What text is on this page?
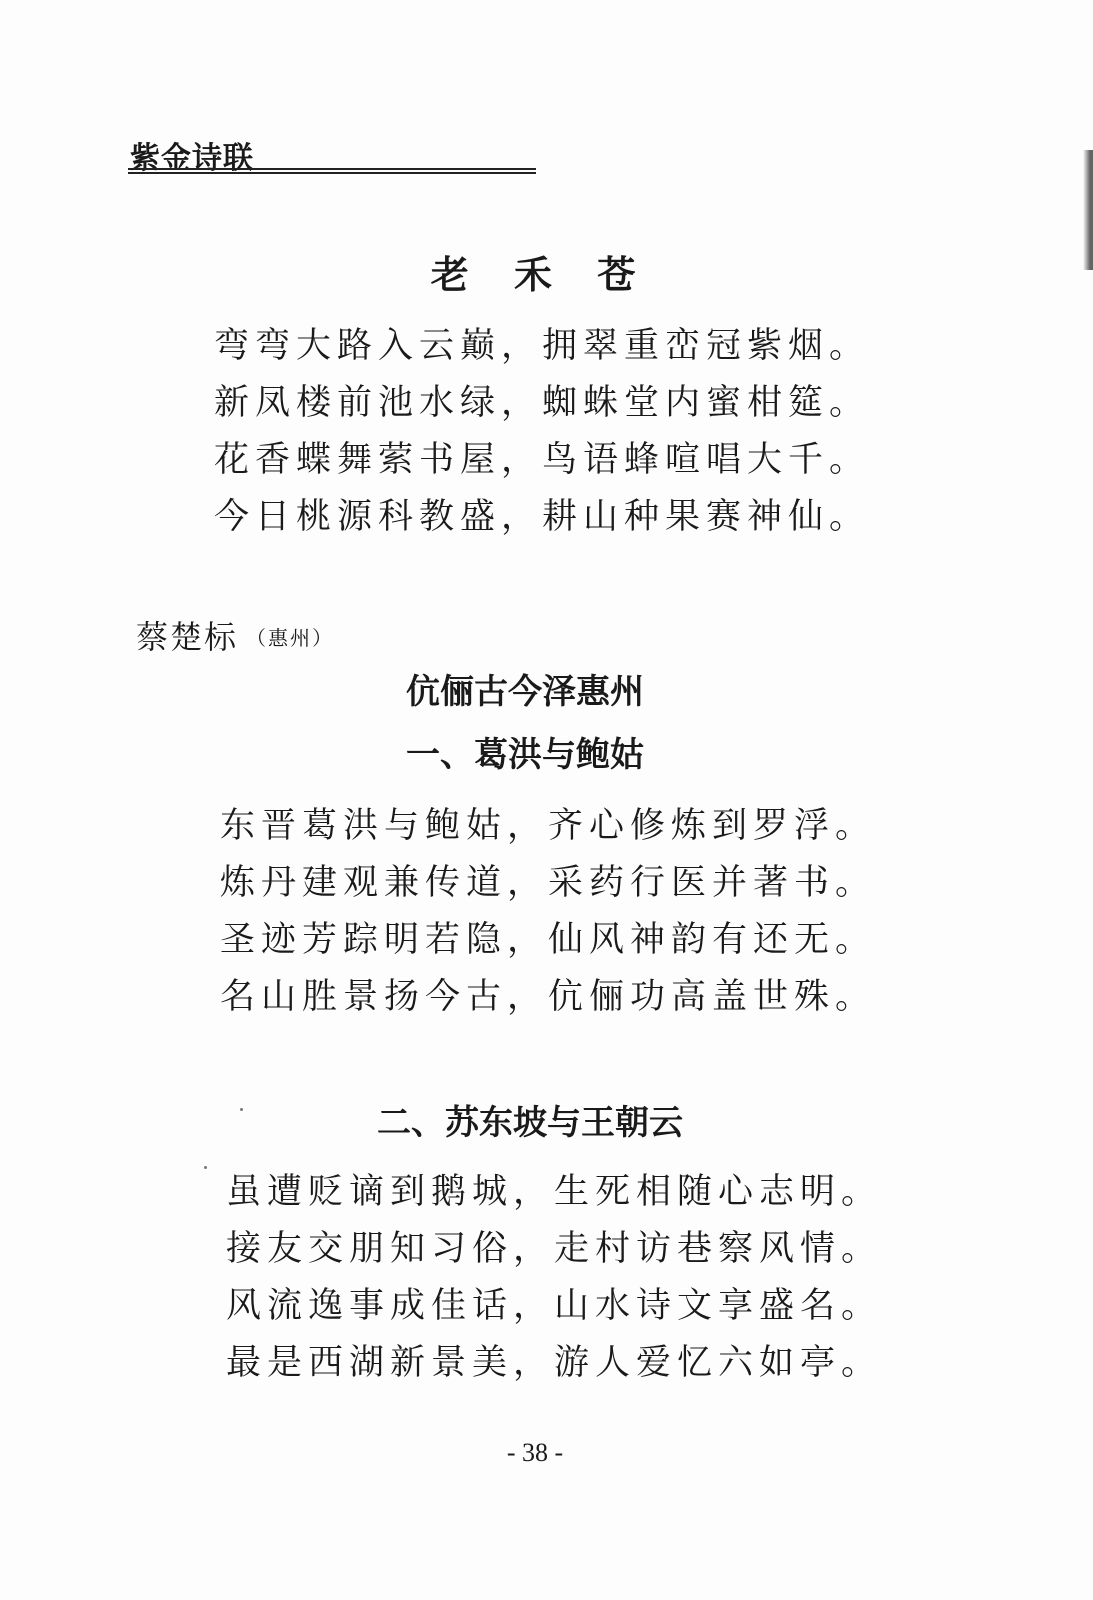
紫金诗联
老 禾 苍
弯弯大路入云巅，拥翠重峦冠紫烟。
新凤楼前池水绿，蜘蛛堂内蜜柑筵。
花香蝶舞萦书屋，鸟语蜂喧唱大千。
今日桃源科教盛，耕山种果赛神仙。
蔡楚标 （惠州）
伉俪古今泽惠州
一、葛洪与鲍姑
东晋葛洪与鲍姑，齐心修炼到罗浮。
炼丹建观兼传道，采药行医并著书。
圣迹芳踪明若隐，仙风神韵有还无。
名山胜景扬今古，伉俪功高盖世殊。
二、苏东坡与王朝云
虽遭贬谪到鹅城，生死相随心志明。
接友交朋知习俗，走村访巷察风情。
风流逸事成佳话，山水诗文享盛名。
最是西湖新景美，游人爱忆六如亭。
- 38 -
